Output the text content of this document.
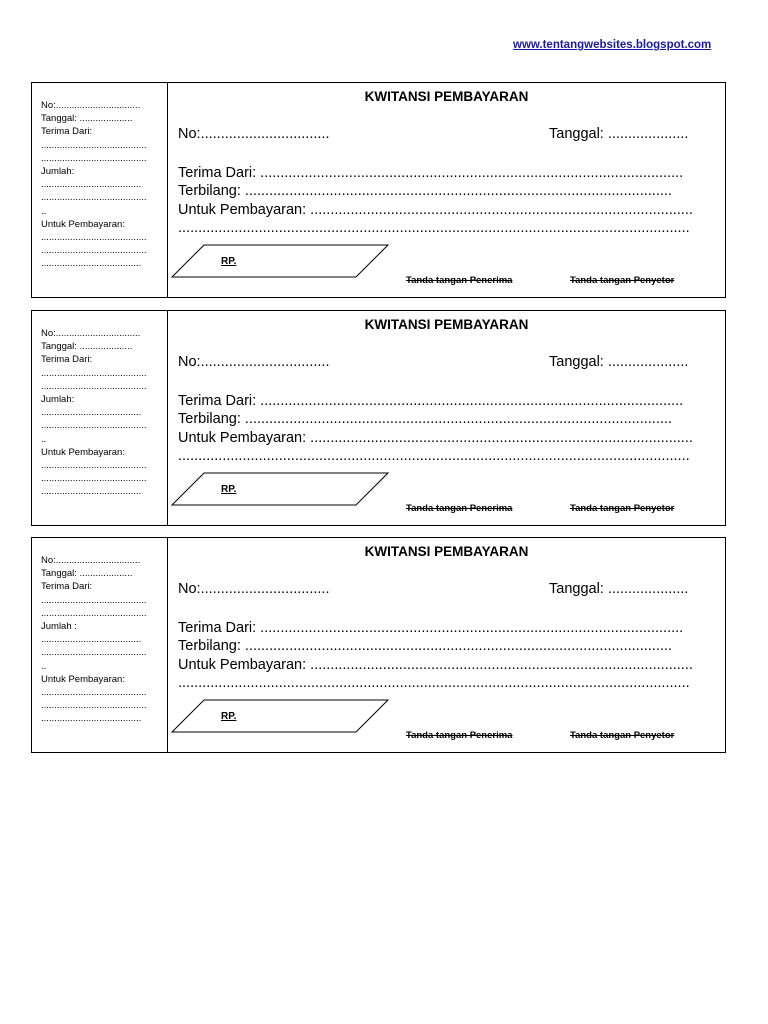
www.tentangwebsites.blogspot.com
No:................................
Tanggal: ....................
Terima Dari:
........................................
........................................
Jumlah:
......................................
........................................
..
Untuk Pembayaran:
........................................
........................................
......................................
KWITANSI PEMBAYARAN
No:................................	Tanggal: ....................
Terima Dari: .........................................................................................................
Terbilang: ..........................................................................................................
Untuk Pembayaran: ...............................................................................................
...............................................................................................................................
RP.
Tanda tangan Penerima	Tanda tangan Penyetor
No:................................
Tanggal: ....................
Terima Dari:
........................................
........................................
Jumlah:
......................................
........................................
..
Untuk Pembayaran:
........................................
........................................
......................................
KWITANSI PEMBAYARAN
No:................................	Tanggal: ....................
Terima Dari: .........................................................................................................
Terbilang: ..........................................................................................................
Untuk Pembayaran: ...............................................................................................
...............................................................................................................................
RP.
Tanda tangan Penerima	Tanda tangan Penyetor
No:................................
Tanggal: ....................
Terima Dari:
........................................
........................................
Jumlah :
......................................
........................................
..
Untuk Pembayaran:
........................................
........................................
......................................
KWITANSI PEMBAYARAN
No:................................	Tanggal: ....................
Terima Dari: .........................................................................................................
Terbilang: ..........................................................................................................
Untuk Pembayaran: ...............................................................................................
...............................................................................................................................
RP.
Tanda tangan Penerima	Tanda tangan Penyetor
